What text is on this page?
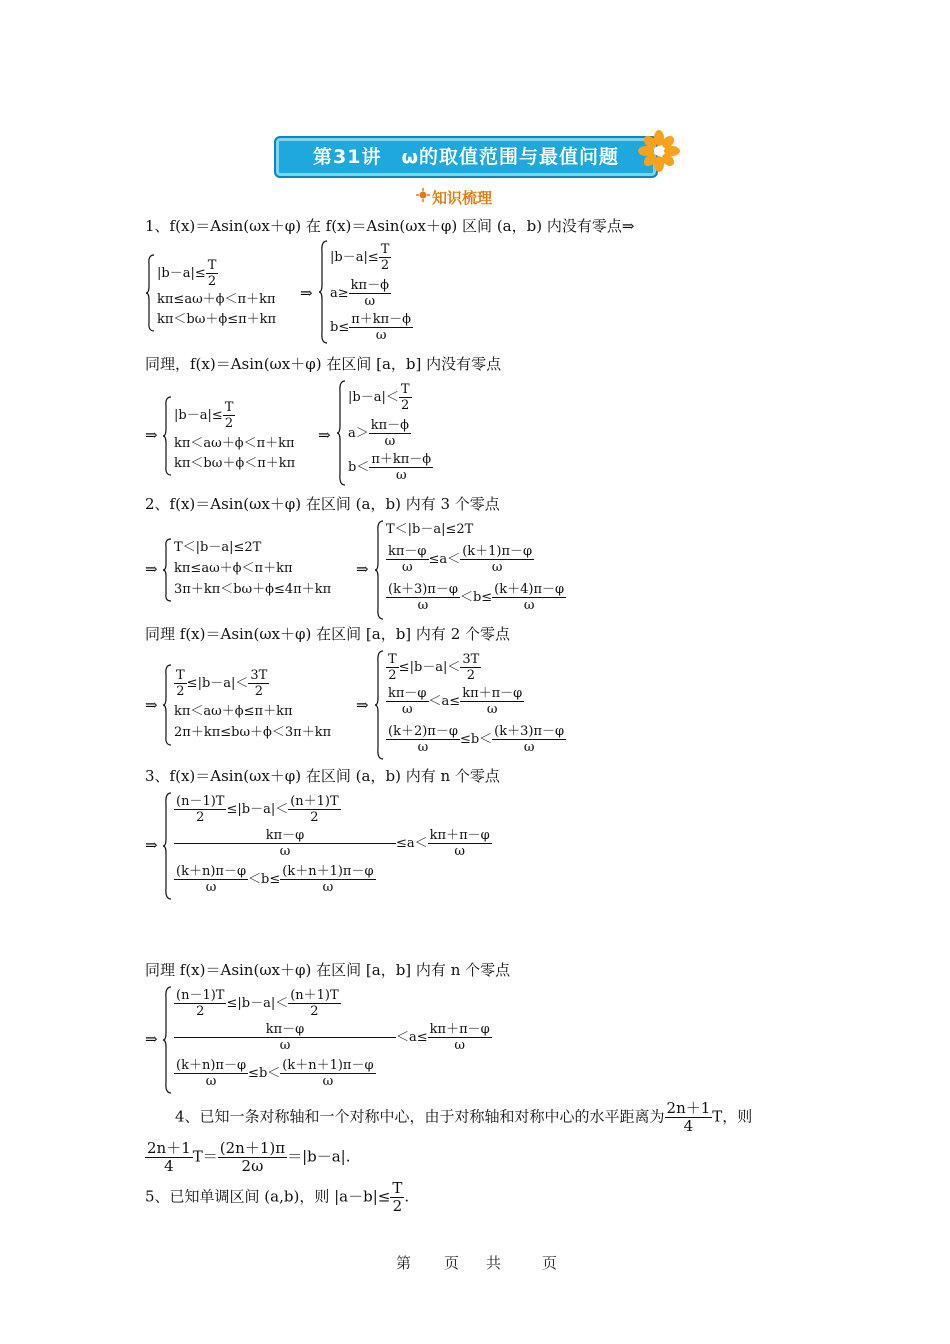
第31讲　ω的取值范围与最值问题
知识梳理
1、f(x)＝Asin(ωx＋φ) 在 f(x)＝Asin(ωx＋φ) 区间 (a，b) 内没有零点⇒
$|b-a|\le \frac{T}{2}$
kπ≤aω＋ϕ＜π＋kπ
kπ＜bω＋ϕ≤π＋kπ
⇒
$|b-a|\le \frac{T}{2}$
$a\ge \frac{k\pi-\phi}{\omega}$
$b\le \frac{\pi+k\pi-\phi}{\omega}$
同理，f(x)＝Asin(ωx＋φ) 在区间 [a，b] 内没有零点
⇒
$|b-a|\le \frac{T}{2}$
kπ＜aω＋ϕ＜π＋kπ
kπ＜bω＋ϕ＜π＋kπ
⇒
$|b-a|< \frac{T}{2}$
$a> \frac{k\pi-\phi}{\omega}$
$b< \frac{\pi+k\pi-\phi}{\omega}$
2、f(x)＝Asin(ωx＋φ) 在区间 (a，b) 内有 3 个零点
⇒
T＜|b－a|≤2T
kπ≤aω＋ϕ＜π＋kπ
3π＋kπ＜bω＋ϕ≤4π＋kπ
⇒
T＜|b－a|≤2T
$\frac{k\pi-\varphi}{\omega} \le a< \frac{(k+1)\pi-\varphi}{\omega}$
$\frac{(k+3)\pi-\varphi}{\omega} <b\le \frac{(k+4)\pi-\varphi}{\omega}$
同理 f(x)＝Asin(ωx＋φ) 在区间 [a，b] 内有 2 个零点
⇒
$\frac{T}{2} \le|b-a|< \frac{3T}{2}$
kπ＜aω＋ϕ≤π＋kπ
2π＋kπ≤bω＋ϕ＜3π＋kπ
⇒
$\frac{T}{2} \le|b-a|< \frac{3T}{2}$
$\frac{k\pi-\varphi}{\omega} <a\le \frac{k\pi+\pi-\varphi}{\omega}$
$\frac{(k+2)\pi-\varphi}{\omega} \le b< \frac{(k+3)\pi-\varphi}{\omega}$
3、f(x)＝Asin(ωx＋φ) 在区间 (a，b) 内有 n 个零点
⇒
$\frac{(n-1)T}{2} \le|b-a|< \frac{(n+1)T}{2}$
$\frac{k\pi-\varphi}{\omega} \le a< \frac{k\pi+\pi-\varphi}{\omega}$
$\frac{(k+n)\pi-\varphi}{\omega} <b\le \frac{(k+n+1)\pi-\varphi}{\omega}$
同理 f(x)＝Asin(ωx＋φ) 在区间 [a，b] 内有 n 个零点
⇒
$\frac{(n-1)T}{2} \le|b-a|< \frac{(n+1)T}{2}$
$\frac{k\pi-\varphi}{\omega} <a\le \frac{k\pi+\pi-\varphi}{\omega}$
$\frac{(k+n)\pi-\varphi}{\omega} \le b< \frac{(k+n+1)\pi-\varphi}{\omega}$
4、已知一条对称轴和一个对称中心，由于对称轴和对称中心的水平距离为 $\frac{2n+1}{4}$ T，则
$\frac{2n+1}{4} T= \frac{(2n+1)\pi}{2\omega} =|b-a|$.
5、已知单调区间 (a,b)，则 $|a-b|\le \frac{T}{2}$ .
第 页 共	页
